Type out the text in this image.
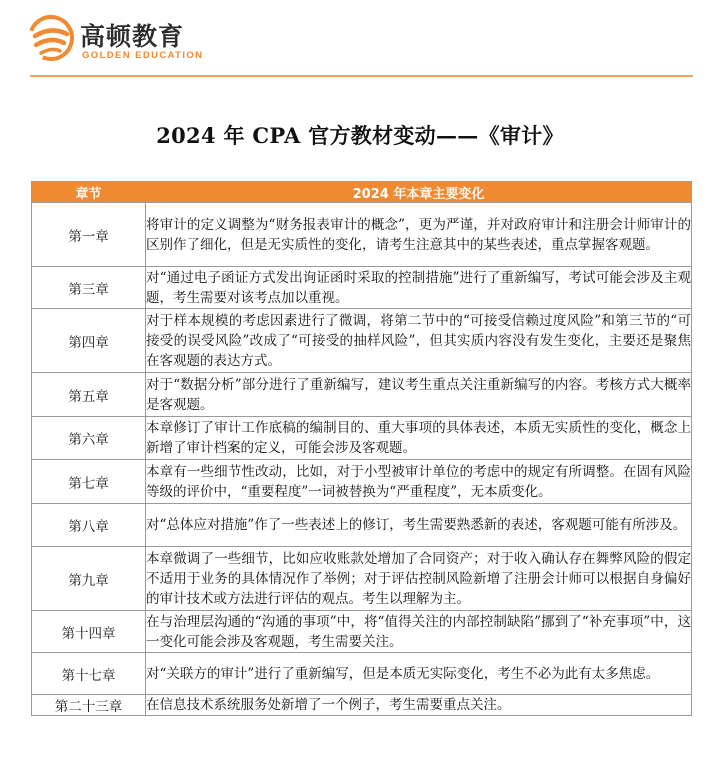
高顿教育
GOLDEN EDUCATION
2024 年 CPA 官方教材变动——《审计》
章节	2024 年本章主要变化
第一章	将审计的定义调整为“财务报表审计的概念”，更为严谨，并对政府审计和注册会计师审计的区别作了细化，但是无实质性的变化，请考生注意其中的某些表述，重点掌握客观题。
第三章	对“通过电子函证方式发出询证函时采取的控制措施”进行了重新编写，考试可能会涉及主观题，考生需要对该考点加以重视。
第四章	对于样本规模的考虑因素进行了微调，将第二节中的“可接受信赖过度风险”和第三节的“可接受的误受风险”改成了“可接受的抽样风险”，但其实质内容没有发生变化，主要还是聚焦在客观题的表达方式。
第五章	对于“数据分析”部分进行了重新编写，建议考生重点关注重新编写的内容。考核方式大概率是客观题。
第六章	本章修订了审计工作底稿的编制目的、重大事项的具体表述，本质无实质性的变化，概念上新增了审计档案的定义，可能会涉及客观题。
第七章	本章有一些细节性改动，比如，对于小型被审计单位的考虑中的规定有所调整。在固有风险等级的评价中，“重要程度”一词被替换为“严重程度”，无本质变化。
第八章	对“总体应对措施”作了一些表述上的修订，考生需要熟悉新的表述，客观题可能有所涉及。
第九章	本章微调了一些细节，比如应收账款处增加了合同资产；对于收入确认存在舞弊风险的假定不适用于业务的具体情况作了举例；对于评估控制风险新增了注册会计师可以根据自身偏好的审计技术或方法进行评估的观点。考生以理解为主。
第十四章	在与治理层沟通的“沟通的事项”中，将“值得关注的内部控制缺陷”挪到了“补充事项”中，这一变化可能会涉及客观题，考生需要关注。
第十七章	对“关联方的审计”进行了重新编写，但是本质无实际变化，考生不必为此有太多焦虑。
第二十三章	在信息技术系统服务处新增了一个例子，考生需要重点关注。
